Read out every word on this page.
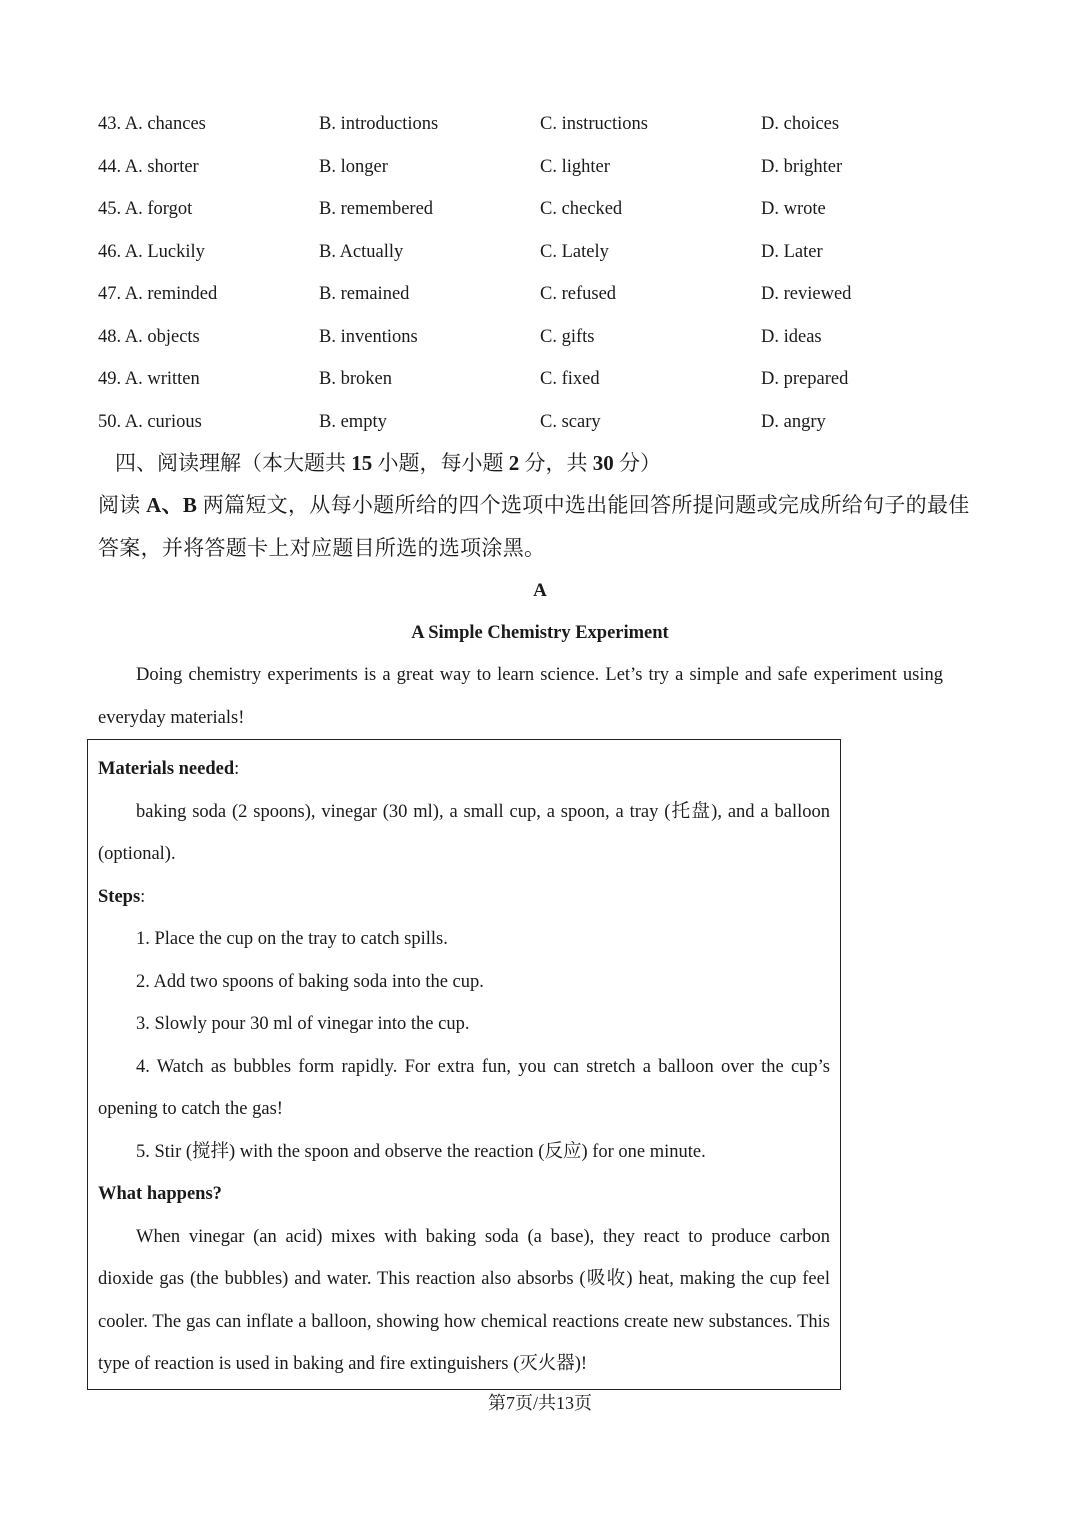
43. A. chances	B. introductions	C. instructions	D. choices
44. A. shorter	B. longer	C. lighter	D. brighter
45. A. forgot	B. remembered	C. checked	D. wrote
46. A. Luckily	B. Actually	C. Lately	D. Later
47. A. reminded	B. remained	C. refused	D. reviewed
48. A. objects	B. inventions	C. gifts	D. ideas
49. A. written	B. broken	C. fixed	D. prepared
50. A. curious	B. empty	C. scary	D. angry
四、阅读理解（本大题共 15 小题，每小题 2 分，共 30 分）
阅读 A、B 两篇短文，从每小题所给的四个选项中选出能回答所提问题或完成所给句子的最佳答案，并将答题卡上对应题目所选的选项涂黑。
A
A Simple Chemistry Experiment
Doing chemistry experiments is a great way to learn science. Let’s try a simple and safe experiment using everyday materials!
Materials needed:
baking soda (2 spoons), vinegar (30 ml), a small cup, a spoon, a tray (托盘), and a balloon (optional).
Steps:
1. Place the cup on the tray to catch spills.
2. Add two spoons of baking soda into the cup.
3. Slowly pour 30 ml of vinegar into the cup.
4. Watch as bubbles form rapidly. For extra fun, you can stretch a balloon over the cup’s opening to catch the gas!
5. Stir (搅拌) with the spoon and observe the reaction (反应) for one minute.
What happens?
When vinegar (an acid) mixes with baking soda (a base), they react to produce carbon dioxide gas (the bubbles) and water. This reaction also absorbs (吸收) heat, making the cup feel cooler. The gas can inflate a balloon, showing how chemical reactions create new substances. This type of reaction is used in baking and fire extinguishers (灭火器)!
第7页/共13页
